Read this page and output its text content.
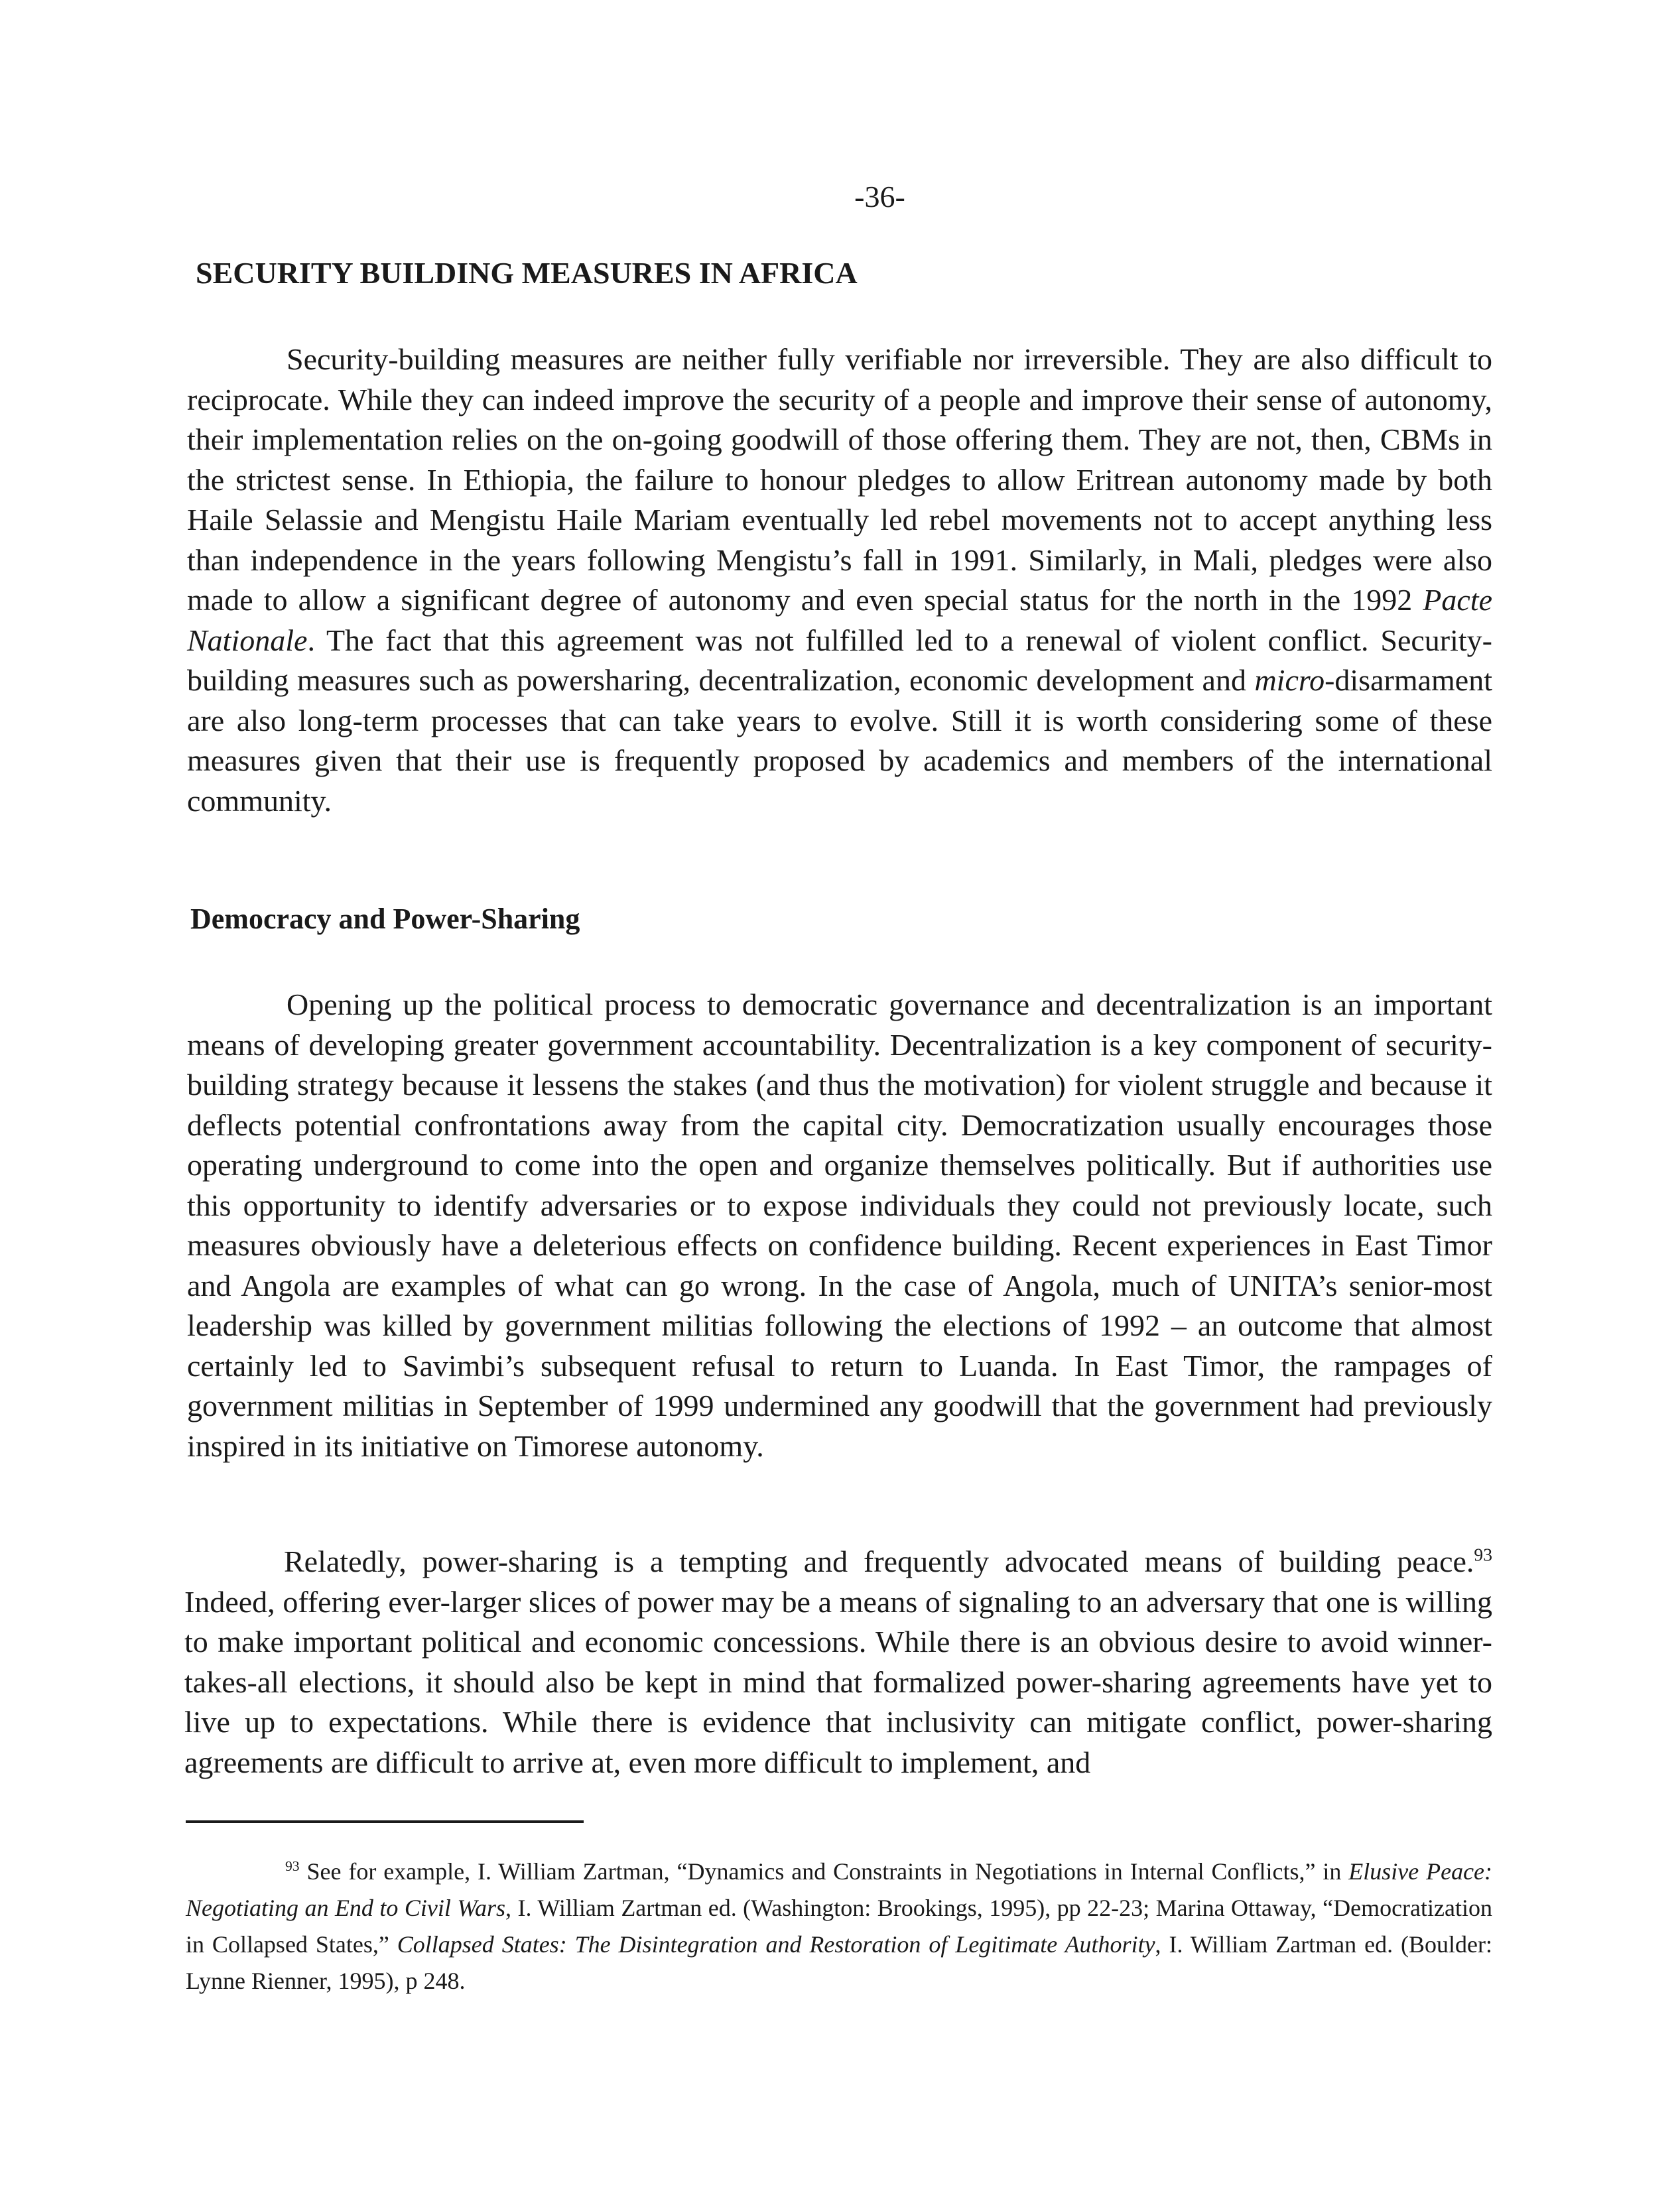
-36-
SECURITY BUILDING MEASURES IN AFRICA

Security-building measures are neither fully verifiable nor irreversible. They are also difficult to reciprocate. While they can indeed improve the security of a people and improve their sense of autonomy, their implementation relies on the on-going goodwill of those offering them. They are not, then, CBMs in the strictest sense. In Ethiopia, the failure to honour pledges to allow Eritrean autonomy made by both Haile Selassie and Mengistu Haile Mariam eventually led rebel movements not to accept anything less than independence in the years following Mengistu’s fall in 1991. Similarly, in Mali, pledges were also made to allow a significant degree of autonomy and even special status for the north in the 1992 Pacte Nationale. The fact that this agreement was not fulfilled led to a renewal of violent conflict. Security-building measures such as powersharing, decentralization, economic development and micro-disarmament are also long-term processes that can take years to evolve. Still it is worth considering some of these measures given that their use is frequently proposed by academics and members of the international community.

Democracy and Power-Sharing

Opening up the political process to democratic governance and decentralization is an important means of developing greater government accountability. Decentralization is a key component of security-building strategy because it lessens the stakes (and thus the motivation) for violent struggle and because it deflects potential confrontations away from the capital city. Democratization usually encourages those operating underground to come into the open and organize themselves politically. But if authorities use this opportunity to identify adversaries or to expose individuals they could not previously locate, such measures obviously have a deleterious effects on confidence building. Recent experiences in East Timor and Angola are examples of what can go wrong. In the case of Angola, much of UNITA’s senior-most leadership was killed by government militias following the elections of 1992 – an outcome that almost certainly led to Savimbi’s subsequent refusal to return to Luanda. In East Timor, the rampages of government militias in September of 1999 undermined any goodwill that the government had previously inspired in its initiative on Timorese autonomy.

Relatedly, power-sharing is a tempting and frequently advocated means of building peace.$^{93}$ Indeed, offering ever-larger slices of power may be a means of signaling to an adversary that one is willing to make important political and economic concessions. While there is an obvious desire to avoid winner-takes-all elections, it should also be kept in mind that formalized power-sharing agreements have yet to live up to expectations. While there is evidence that inclusivity can mitigate conflict, power-sharing agreements are difficult to arrive at, even more difficult to implement, and

$^{93}$ See for example, I. William Zartman, “Dynamics and Constraints in Negotiations in Internal Conflicts,” in Elusive Peace: Negotiating an End to Civil Wars, I. William Zartman ed. (Washington: Brookings, 1995), pp 22-23; Marina Ottaway, “Democratization in Collapsed States,” Collapsed States: The Disintegration and Restoration of Legitimate Authority, I. William Zartman ed. (Boulder: Lynne Rienner, 1995), p 248.
